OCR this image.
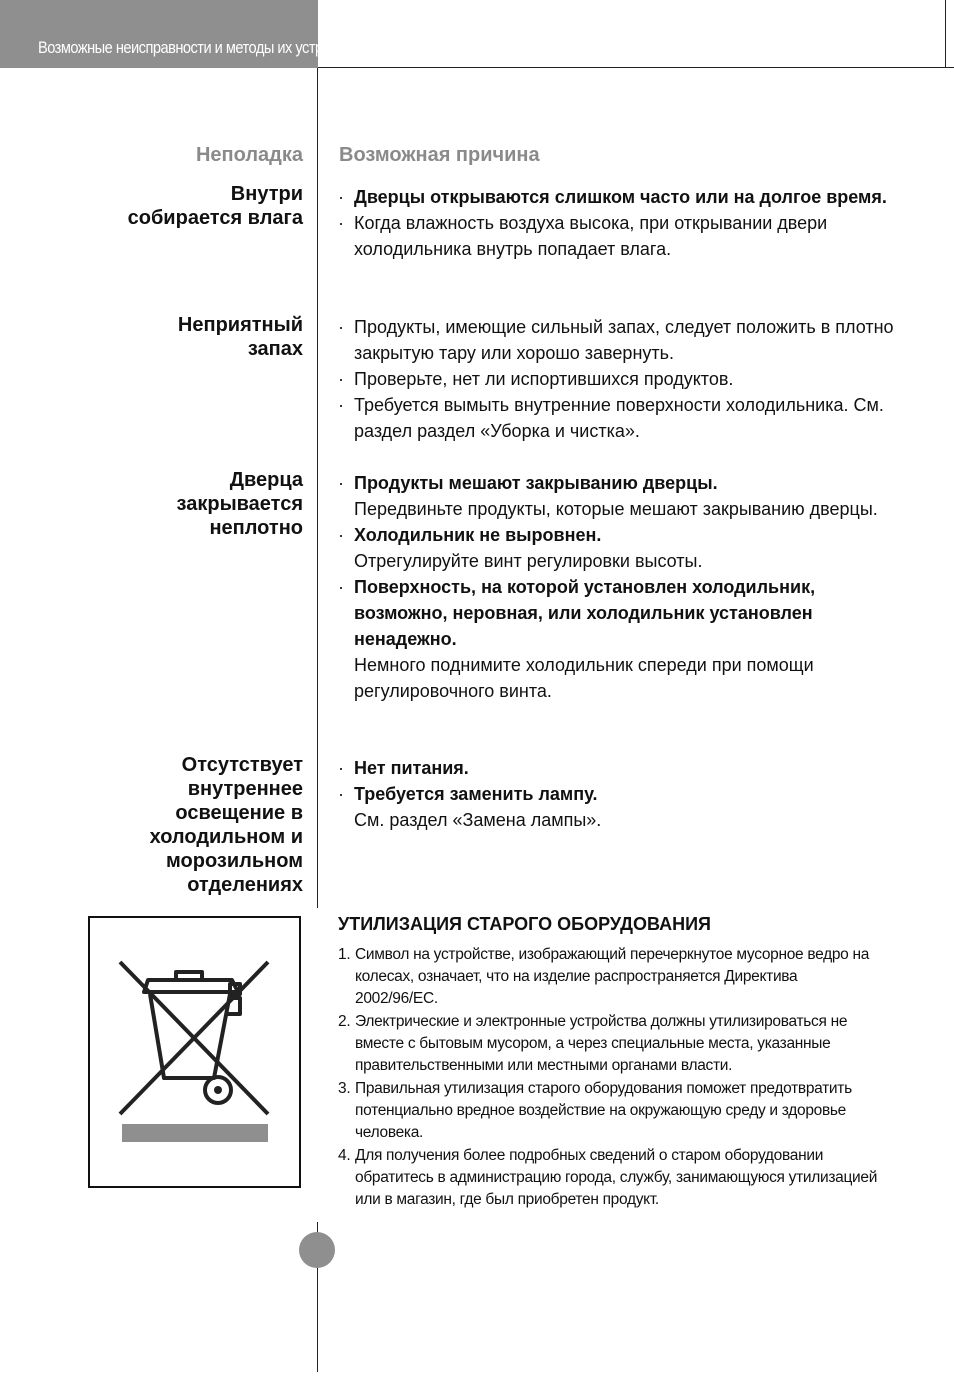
Возможные неисправности и методы их устранения
Неполадка Возможная причина
Внутри
собирается влага
· Дверцы открываются слишком часто или на долгое время.
· Когда влажность воздуха высока, при открывании двери холодильника внутрь попадает влага.
Неприятный
запах
· Продукты, имеющие сильный запах, следует положить в плотно закрытую тару или хорошо завернуть.
· Проверьте, нет ли испортившихся продуктов.
· Требуется вымыть внутренние поверхности холодильника. См. раздел раздел «Уборка и чистка».
Дверца
закрывается
неплотно
· Продукты мешают закрыванию дверцы.
Передвиньте продукты, которые мешают закрыванию дверцы.
· Холодильник не выровнен.
Отрегулируйте винт регулировки высоты.
· Поверхность, на которой установлен холодильник, возможно, неровная, или холодильник установлен ненадежно.
Немного поднимите холодильник спереди при помощи регулировочного винта.
Отсутствует
внутреннее
освещение в
холодильном и
морозильном
отделениях
· Нет питания.
· Требуется заменить лампу.
См. раздел «Замена лампы».
УТИЛИЗАЦИЯ СТАРОГО ОБОРУДОВАНИЯ
1. Символ на устройстве, изображающий перечеркнутое мусорное ведро на колесах, означает, что на изделие распространяется Директива 2002/96/EC.
2. Электрические и электронные устройства должны утилизироваться не вместе с бытовым мусором, а через специальные места, указанные правительственными или местными органами власти.
3. Правильная утилизация старого оборудования поможет предотвратить потенциально вредное воздействие на окружающую среду и здоровье человека.
4. Для получения более подробных сведений о старом оборудовании обратитесь в администрацию города, службу, занимающуюся утилизацией или в магазин, где был приобретен продукт.
